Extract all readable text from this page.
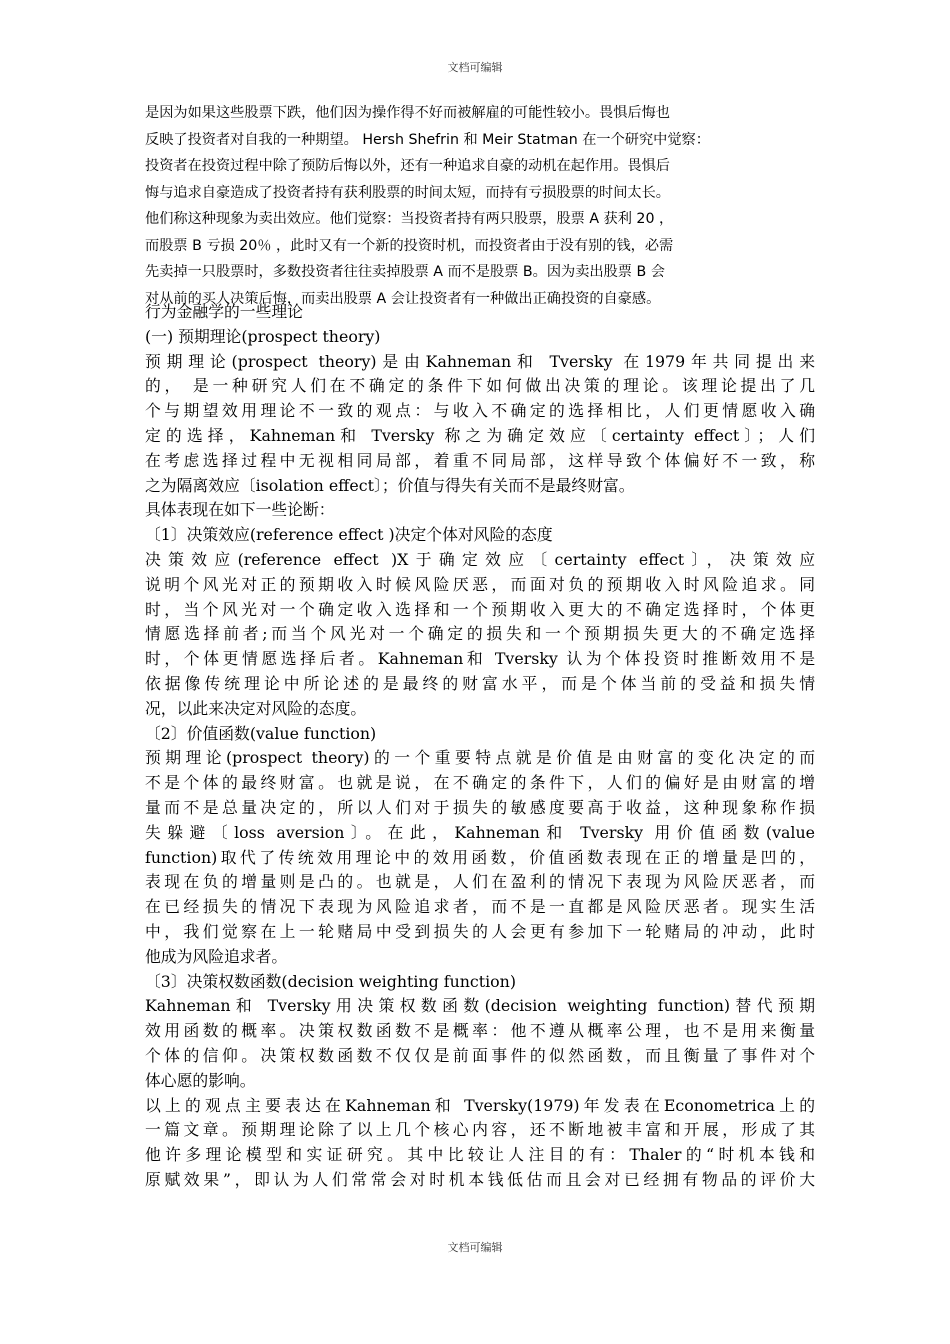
文档可编辑
是因为如果这些股票下跌，他们因为操作得不好而被解雇的可能性较小。畏惧后悔也
反映了投资者对自我的一种期望。 Hersh Shefrin 和 Meir Statman 在一个研究中觉察：
投资者在投资过程中除了预防后悔以外，还有一种追求自豪的动机在起作用。畏惧后
悔与追求自豪造成了投资者持有获利股票的时间太短，而持有亏损股票的时间太长。
他们称这种现象为卖出效应。他们觉察：当投资者持有两只股票，股票 A 获利 20 ，
而股票 B 亏损 20％ ，此时又有一个新的投资时机，而投资者由于没有别的钱，必需
先卖掉一只股票时，多数投资者往往卖掉股票 A 而不是股票 B。因为卖出股票 B 会
对从前的买人决策后悔，而卖出股票 A 会让投资者有一种做出正确投资的自豪感。
行为金融学的一些理论
(一) 预期理论(prospect theory)
预期理论(prospect theory)是由Kahneman和 Tversky 在1979年共同提出来
的， 是一种研究人们在不确定的条件下如何做出决策的理论。该理论提出了几
个与期望效用理论不一致的观点：与收入不确定的选择相比，人们更情愿收入确
定的选择，Kahneman和 Tversky 称之为确定效应〔certainty effect〕；人们
在考虑选择过程中无视相同局部，着重不同局部，这样导致个体偏好不一致，称
之为隔离效应〔isolation effect〕；价值与得失有关而不是最终财富。
具体表现在如下一些论断：
〔1〕决策效应(reference effect )决定个体对风险的态度
决策效应(reference effect )X于确定效应〔certainty effect〕，决策效应
说明个风光对正的预期收入时候风险厌恶，而面对负的预期收入时风险追求。同
时，当个风光对一个确定收入选择和一个预期收入更大的不确定选择时，个体更
情愿选择前者;而当个风光对一个确定的损失和一个预期损失更大的不确定选择
时，个体更情愿选择后者。Kahneman和 Tversky 认为个体投资时推断效用不是
依据像传统理论中所论述的是最终的财富水平，而是个体当前的受益和损失情
况，以此来决定对风险的态度。
〔2〕价值函数(value function)
预期理论(prospect theory)的一个重要特点就是价值是由财富的变化决定的而
不是个体的最终财富。也就是说，在不确定的条件下，人们的偏好是由财富的增
量而不是总量决定的，所以人们对于损失的敏感度要高于收益，这种现象称作损
失躲避〔loss aversion〕。在此，Kahneman和 Tversky 用价值函数(value
function)取代了传统效用理论中的效用函数，价值函数表现在正的增量是凹的，
表现在负的增量则是凸的。也就是，人们在盈利的情况下表现为风险厌恶者，而
在已经损失的情况下表现为风险追求者，而不是一直都是风险厌恶者。现实生活
中，我们觉察在上一轮赌局中受到损失的人会更有参加下一轮赌局的冲动，此时
他成为风险追求者。
〔3〕决策权数函数(decision weighting function)
Kahneman和 Tversky用决策权数函数(decision weighting function)替代预期
效用函数的概率。决策权数函数不是概率：他不遵从概率公理，也不是用来衡量
个体的信仰。决策权数函数不仅仅是前面事件的似然函数，而且衡量了事件对个
体心愿的影响。
以上的观点主要表达在Kahneman和 Tversky(1979)年发表在Econometrica上的
一篇文章。预期理论除了以上几个核心内容，还不断地被丰富和开展，形成了其
他许多理论模型和实证研究。其中比较让人注目的有：Thaler的“时机本钱和
原赋效果”，即认为人们常常会对时机本钱低估而且会对已经拥有物品的评价大
文档可编辑
